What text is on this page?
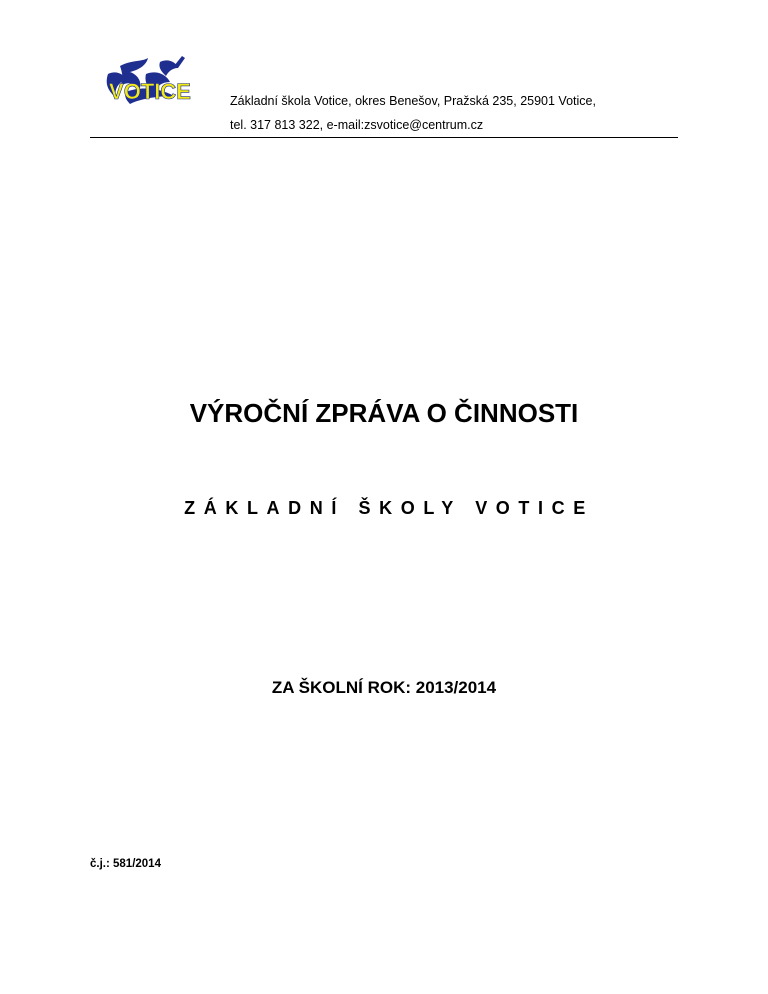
VOTICE	Základní škola Votice, okres Benešov, Pražská 235, 25901 Votice,
tel. 317 813 322, e-mail:zsvotice@centrum.cz
VÝROČNÍ ZPRÁVA O ČINNOSTI
ZÁKLADNÍ ŠKOLY VOTICE
ZA ŠKOLNÍ ROK: 2013/2014
č.j.: 581/2014
